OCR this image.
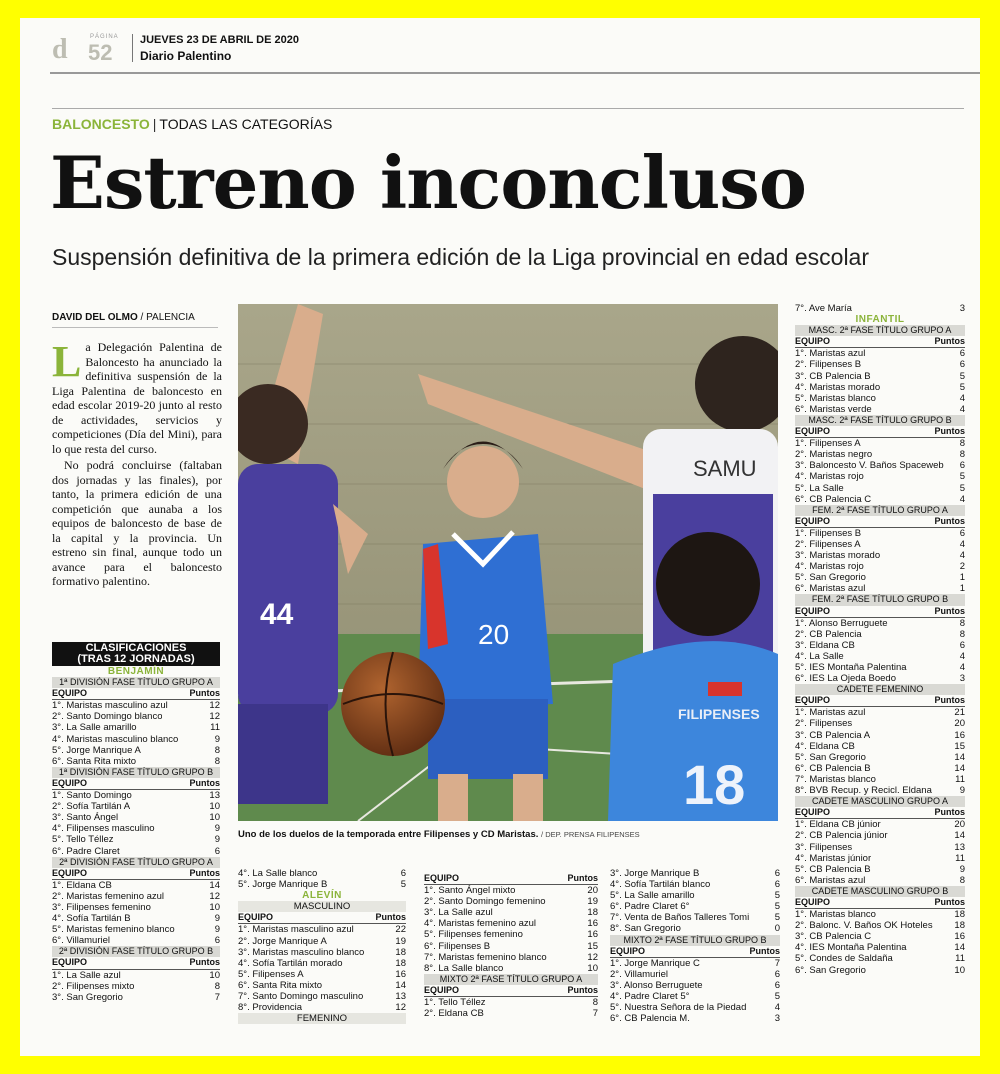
d	PÁGINA
52	JUEVES 23 DE ABRIL DE 2020
Diario Palentino
BALONCESTO | TODAS LAS CATEGORÍAS
Estreno inconcluso
Suspensión definitiva de la primera edición de la Liga provincial en edad escolar
DAVID DEL OLMO / PALENCIA

La Delegación Palentina de Baloncesto ha anunciado la definitiva suspensión de la Liga Palentina de baloncesto en edad escolar 2019-20 junto al resto de actividades, servicios y competiciones (Día del Mini), para lo que resta del curso.

No podrá concluirse (faltaban dos jornadas y las finales), por tanto, la primera edición de una competición que aunaba a los equipos de baloncesto de base de la capital y la provincia. Un estreno sin final, aunque todo un avance para el baloncesto formativo palentino.

44
SAMU
20
FILIPENSES
18
Uno de los duelos de la temporada entre Filipenses y CD Maristas. / DEP. PRENSA FILIPENSES
CLASIFICACIONES
(TRAS 12 JORNADAS)
BENJAMÍN
1ª DIVISIÓN FASE TÍTULO GRUPO A
EQUIPO	Puntos
1°. Maristas masculino azul	12
2°. Santo Domingo blanco	12
3°. La Salle amarillo	11
4°. Maristas masculino blanco	9
5°. Jorge Manrique A	8
6°. Santa Rita mixto	8
1ª DIVISIÓN FASE TÍTULO GRUPO B
EQUIPO	Puntos
1°. Santo Domingo	13
2°. Sofía Tartilán A	10
3°. Santo Ángel	10
4°. Filipenses masculino	9
5°. Tello Téllez	9
6°. Padre Claret	6
2ª DIVISIÓN FASE TÍTULO GRUPO A
EQUIPO	Puntos
1°. Eldana CB	14
2°. Maristas femenino azul	12
3°. Filipenses femenino	10
4°. Sofía Tartilán B	9
5°. Maristas femenino blanco	9
6°. Villamuriel	6
2ª DIVISIÓN FASE TÍTULO GRUPO B
EQUIPO	Puntos
1°. La Salle azul	10
2°. Filipenses mixto	8
3°. San Gregorio	7
4°. La Salle blanco	6
5°. Jorge Manrique B	5
ALEVÍN
MASCULINO
EQUIPO	Puntos
1°. Maristas masculino azul	22
2°. Jorge Manrique A	19
3°. Maristas masculino blanco	18
4°. Sofía Tartilán morado	18
5°. Filipenses A	16
6°. Santa Rita mixto	14
7°. Santo Domingo masculino	13
8°. Providencia	12
FEMENINO
EQUIPO	Puntos
1°. Santo Ángel mixto	20
2°. Santo Domingo femenino	19
3°. La Salle azul	18
4°. Maristas femenino azul	16
5°. Filipenses femenino	16
6°. Filipenses B	15
7°. Maristas femenino blanco	12
8°. La Salle blanco	10
MIXTO 2ª FASE TÍTULO GRUPO A
EQUIPO	Puntos
1°. Tello Téllez	8
2°. Eldana CB	7
3°. Jorge Manrique B	6
4°. Sofía Tartilán blanco	6
5°. La Salle amarillo	5
6°. Padre Claret 6°	5
7°. Venta de Baños Talleres Tomi	5
8°. San Gregorio	0
MIXTO 2ª FASE TÍTULO GRUPO B
EQUIPO	Puntos
1°. Jorge Manrique C	7
2°. Villamuriel	6
3°. Alonso Berruguete	6
4°. Padre Claret 5°	5
5°. Nuestra Señora de la Piedad	4
6°. CB Palencia M.	3
7°. Ave María	3
INFANTIL
MASC. 2ª FASE TÍTULO GRUPO A
EQUIPO	Puntos
1°. Maristas azul	6
2°. Filipenses B	6
3°. CB Palencia B	5
4°. Maristas morado	5
5°. Maristas blanco	4
6°. Maristas verde	4
MASC. 2ª FASE TÍTULO GRUPO B
EQUIPO	Puntos
1°. Filipenses A	8
2°. Maristas negro	8
3°. Baloncesto V. Baños Spaceweb	6
4°. Maristas rojo	5
5°. La Salle	5
6°. CB Palencia C	4
FEM. 2ª FASE TÍTULO GRUPO A
EQUIPO	Puntos
1°. Filipenses B	6
2°. Filipenses A	4
3°. Maristas morado	4
4°. Maristas rojo	2
5°. San Gregorio	1
6°. Maristas azul	1
FEM. 2ª FASE TÍTULO GRUPO B
EQUIPO	Puntos
1°. Alonso Berruguete	8
2°. CB Palencia	8
3°. Eldana CB	6
4°. La Salle	4
5°. IES Montaña Palentina	4
6°. IES La Ojeda Boedo	3
CADETE FEMENINO
EQUIPO	Puntos
1°. Maristas azul	21
2°. Filipenses	20
3°. CB Palencia A	16
4°. Eldana CB	15
5°. San Gregorio	14
6°. CB Palencia B	14
7°. Maristas blanco	11
8°. BVB Recup. y Recicl. Eldana	9
CADETE MASCULINO GRUPO A
EQUIPO	Puntos
1°. Eldana CB júnior	20
2°. CB Palencia júnior	14
3°. Filipenses	13
4°. Maristas júnior	11
5°. CB Palencia B	9
6°. Maristas azul	8
CADETE MASCULINO GRUPO B
EQUIPO	Puntos
1°. Maristas blanco	18
2°. Balonc. V. Baños OK Hoteles	18
3°. CB Palencia C	16
4°. IES Montaña Palentina	14
5°. Condes de Saldaña	11
6°. San Gregorio	10
